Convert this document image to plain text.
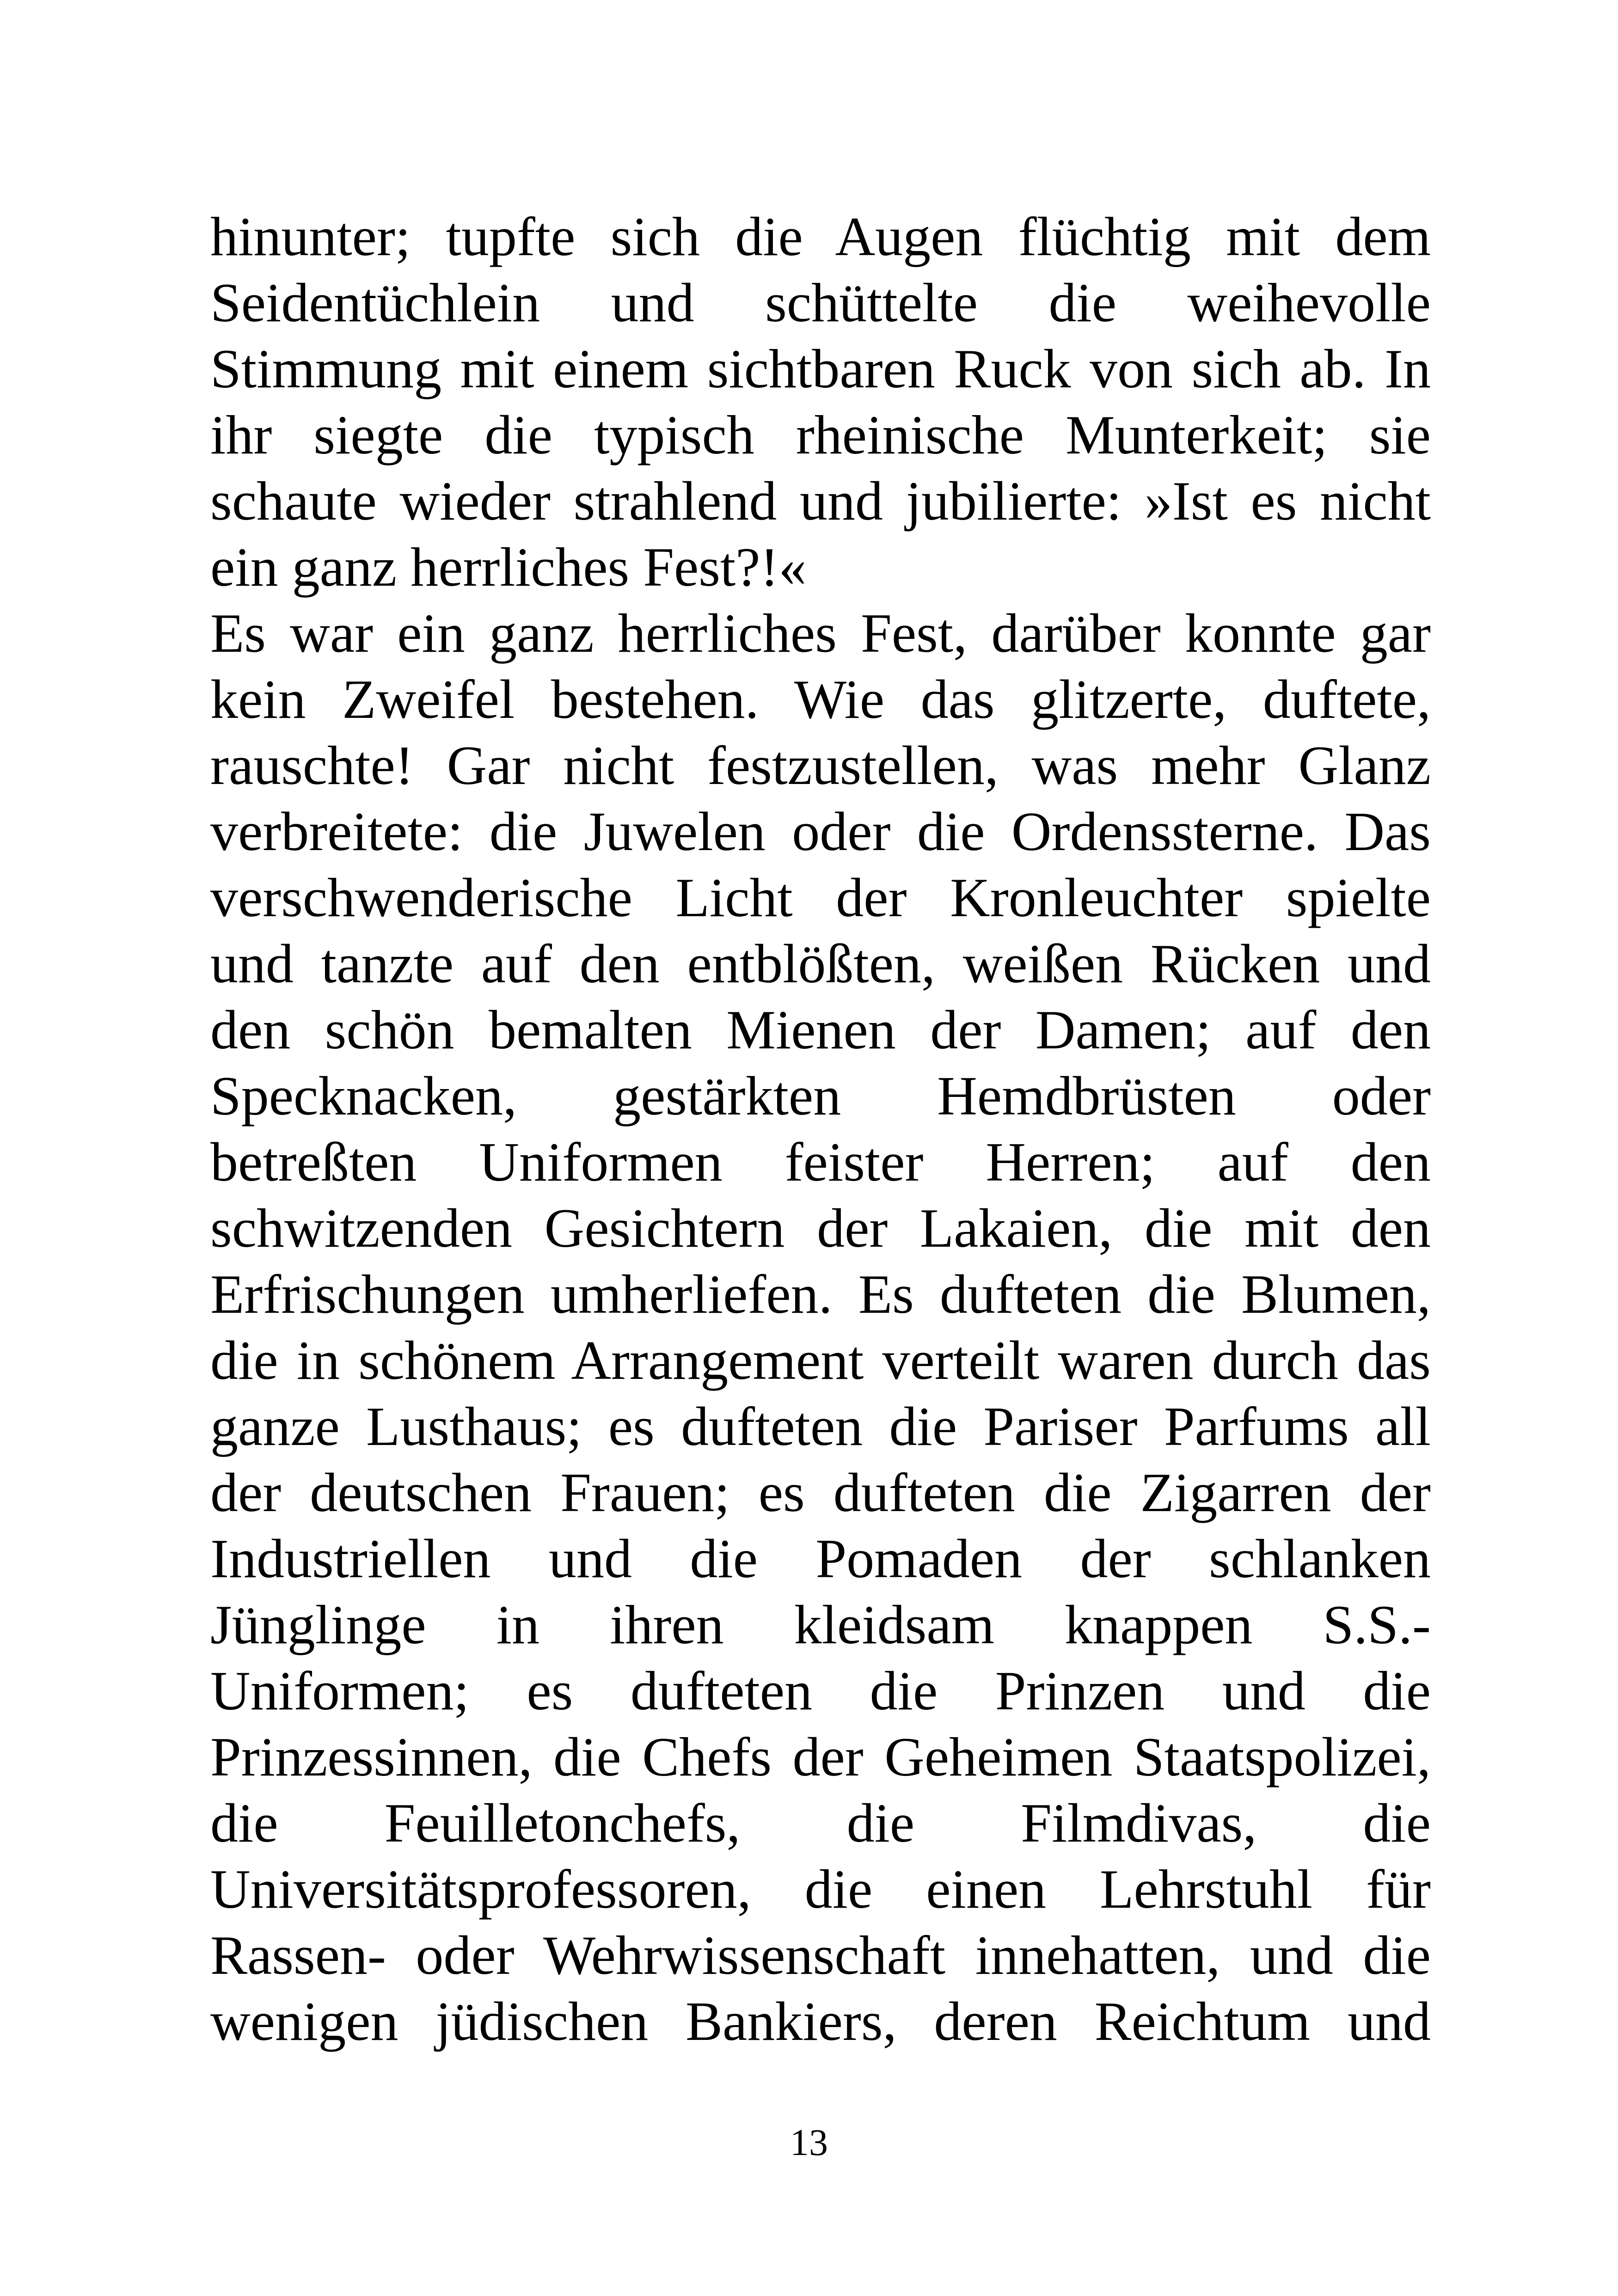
hinunter; tupfte sich die Augen flüchtig mit dem
Seidentüchlein und schüttelte die weihevolle
Stimmung mit einem sichtbaren Ruck von sich ab. In
ihr siegte die typisch rheinische Munterkeit; sie
schaute wieder strahlend und jubilierte: »Ist es nicht
ein ganz herrliches Fest?!«

Es war ein ganz herrliches Fest, darüber konnte gar
kein Zweifel bestehen. Wie das glitzerte, duftete,
rauschte! Gar nicht festzustellen, was mehr Glanz
verbreitete: die Juwelen oder die Ordenssterne. Das
verschwenderische Licht der Kronleuchter spielte
und tanzte auf den entblößten, weißen Rücken und
den schön bemalten Mienen der Damen; auf den
Specknacken, gestärkten Hemdbrüsten oder
betreßten Uniformen feister Herren; auf den
schwitzenden Gesichtern der Lakaien, die mit den
Erfrischungen umherliefen. Es dufteten die Blumen,
die in schönem Arrangement verteilt waren durch das
ganze Lusthaus; es dufteten die Pariser Parfums all
der deutschen Frauen; es dufteten die Zigarren der
Industriellen und die Pomaden der schlanken
Jünglinge in ihren kleidsam knappen S.S.-
Uniformen; es dufteten die Prinzen und die
Prinzessinnen, die Chefs der Geheimen Staatspolizei,
die Feuilletonchefs, die Filmdivas, die
Universitätsprofessoren, die einen Lehrstuhl für
Rassen- oder Wehrwissenschaft innehatten, und die
wenigen jüdischen Bankiers, deren Reichtum und

13
